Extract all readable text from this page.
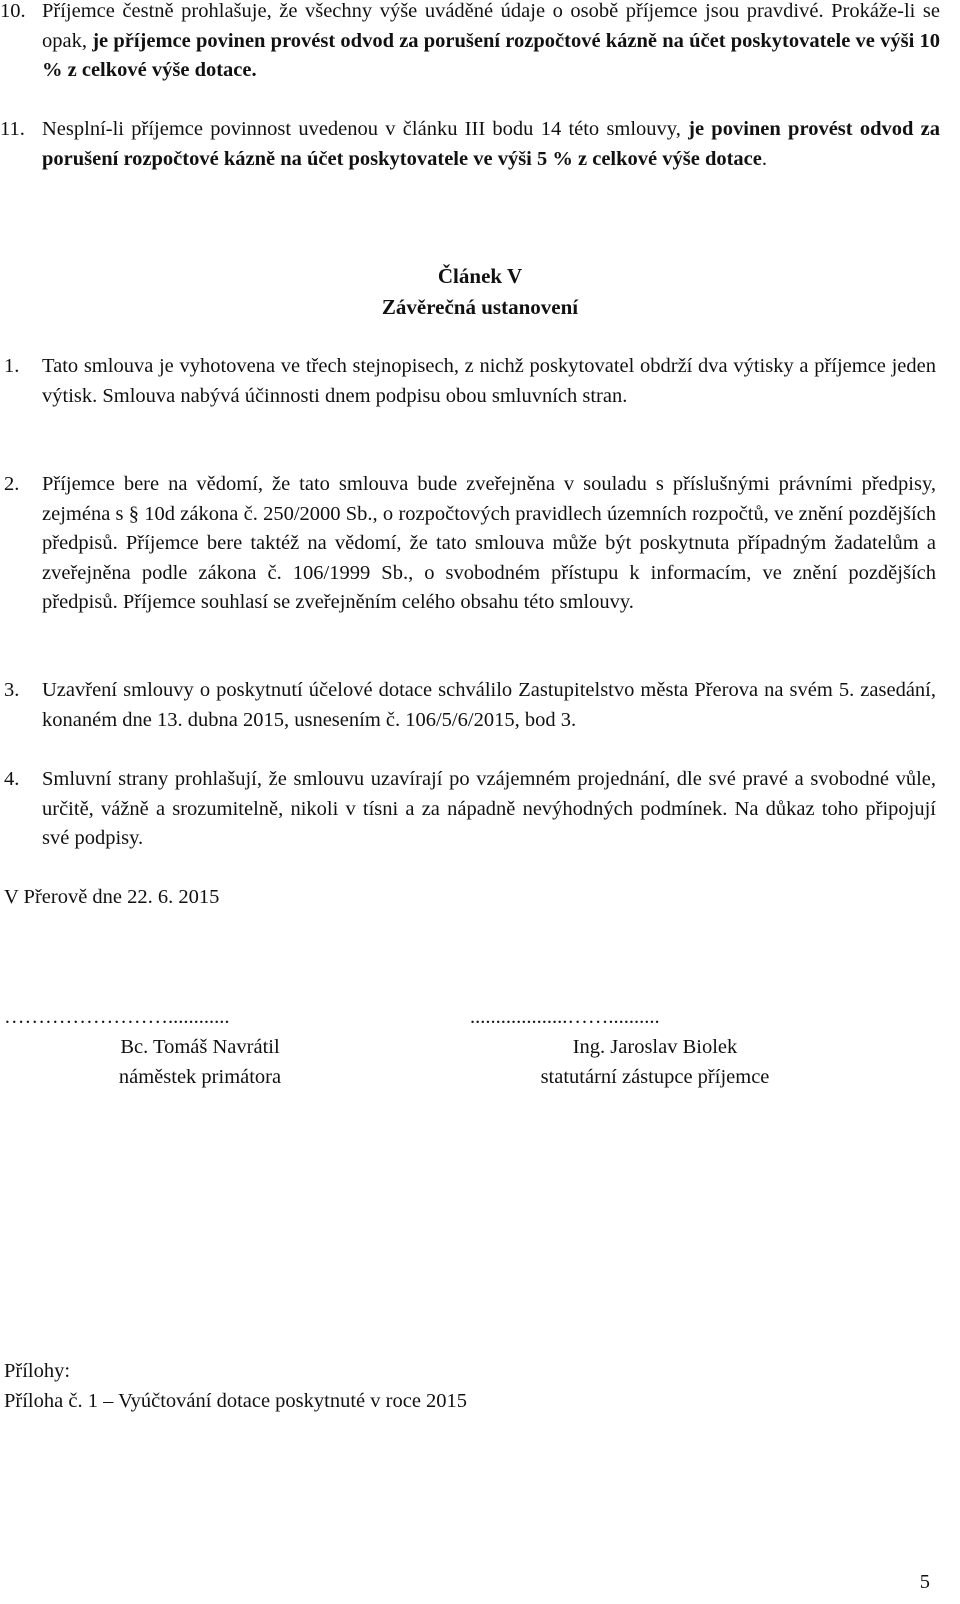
10. Příjemce čestně prohlašuje, že všechny výše uváděné údaje o osobě příjemce jsou pravdivé. Prokáže-li se opak, je příjemce povinen provést odvod za porušení rozpočtové kázně na účet poskytovatele ve výši 10 % z celkové výše dotace.
11. Nesplní-li příjemce povinnost uvedenou v článku III bodu 14 této smlouvy, je povinen provést odvod za porušení rozpočtové kázně na účet poskytovatele ve výši 5 % z celkové výše dotace.
Článek V
Závěrečná ustanovení
1.	Tato smlouva je vyhotovena ve třech stejnopisech, z nichž poskytovatel obdrží dva výtisky a příjemce jeden výtisk. Smlouva nabývá účinnosti dnem podpisu obou smluvních stran.
2.	Příjemce bere na vědomí, že tato smlouva bude zveřejněna v souladu s příslušnými právními předpisy, zejména s § 10d zákona č. 250/2000 Sb., o rozpočtových pravidlech územních rozpočtů, ve znění pozdějších předpisů. Příjemce bere taktéž na vědomí, že tato smlouva může být poskytnuta případným žadatelům a zveřejněna podle zákona č. 106/1999 Sb., o svobodném přístupu k informacím, ve znění pozdějších předpisů. Příjemce souhlasí se zveřejněním celého obsahu této smlouvy.
3.	Uzavření smlouvy o poskytnutí účelové dotace schválilo Zastupitelstvo města Přerova na svém 5. zasedání, konaném dne 13. dubna 2015, usnesením č. 106/5/6/2015, bod 3.
4.	Smluvní strany prohlašují, že smlouvu uzavírají po vzájemném projednání, dle své pravé a svobodné vůle, určitě, vážně a srozumitelně, nikoli v tísni a za nápadně nevýhodných podmínek. Na důkaz toho připojují své podpisy.
V Přerově dne 22. 6. 2015
……………………............
Bc. Tomáš Navrátil
náměstek primátora
...................……..........
Ing. Jaroslav Biolek
statutární zástupce příjemce
Přílohy:
Příloha č. 1 – Vyúčtování dotace poskytnuté v roce 2015
5
